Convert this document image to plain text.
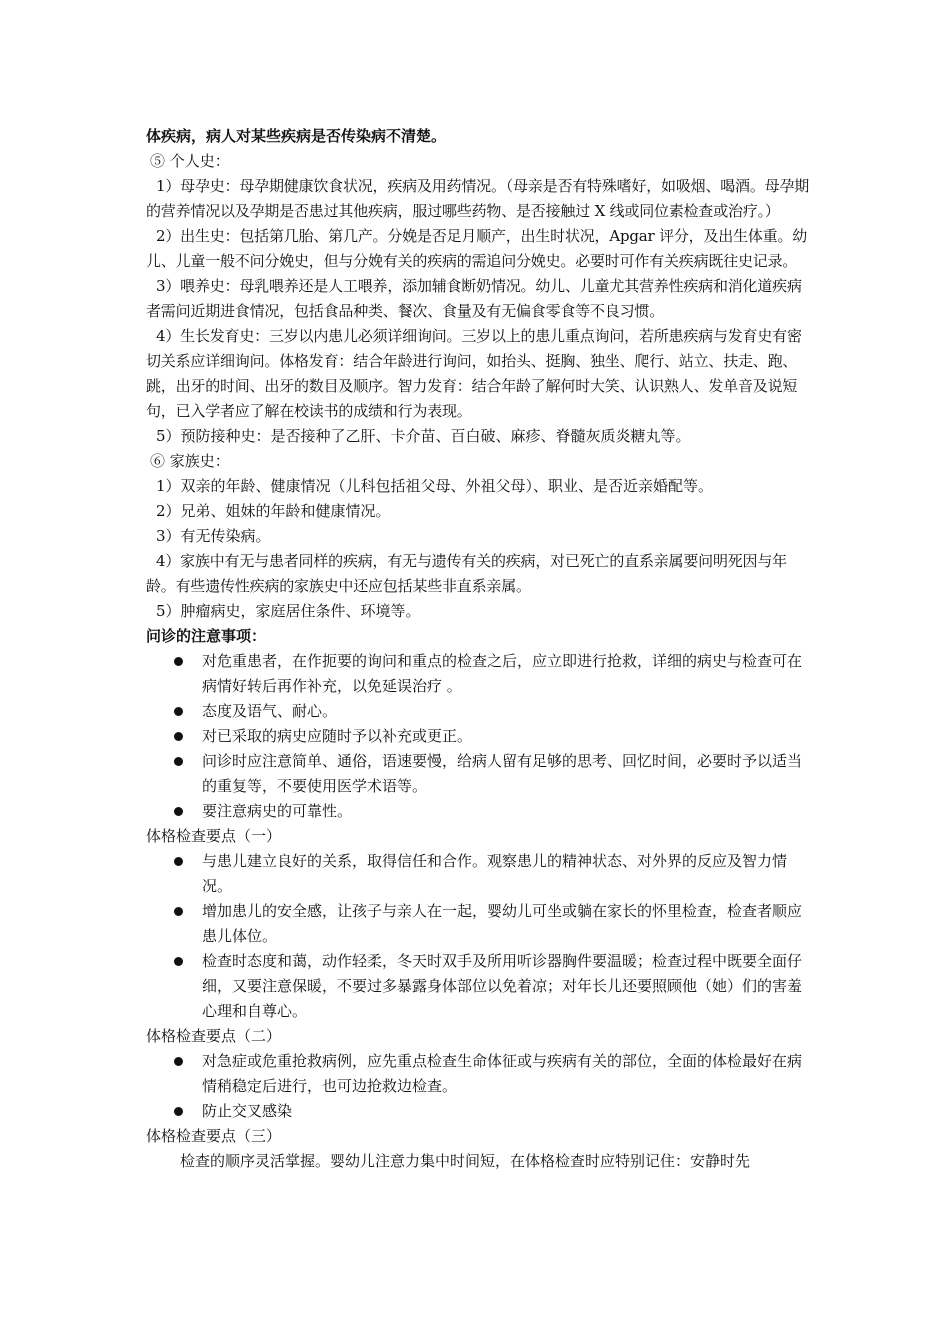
体疾病，病人对某些疾病是否传染病不清楚。

⑤ 个人史：

1）母孕史：母孕期健康饮食状况，疾病及用药情况。（母亲是否有特殊嗜好，如吸烟、喝酒。母孕期的营养情况以及孕期是否患过其他疾病，服过哪些药物、是否接触过 X 线或同位素检查或治疗。）

2）出生史：包括第几胎、第几产。分娩是否足月顺产，出生时状况，Apgar 评分，及出生体重。幼儿、儿童一般不问分娩史，但与分娩有关的疾病的需追问分娩史。必要时可作有关疾病既往史记录。

3）喂养史：母乳喂养还是人工喂养，添加辅食断奶情况。幼儿、儿童尤其营养性疾病和消化道疾病者需问近期进食情况，包括食品种类、餐次、食量及有无偏食零食等不良习惯。

4）生长发育史：三岁以内患儿必须详细询问。三岁以上的患儿重点询问，若所患疾病与发育史有密切关系应详细询问。体格发育：结合年龄进行询问，如抬头、挺胸、独坐、爬行、站立、扶走、跑、跳，出牙的时间、出牙的数目及顺序。智力发育：结合年龄了解何时大笑、认识熟人、发单音及说短句，已入学者应了解在校读书的成绩和行为表现。

5）预防接种史：是否接种了乙肝、卡介苗、百白破、麻疹、脊髓灰质炎糖丸等。

⑥ 家族史：

1）双亲的年龄、健康情况（儿科包括祖父母、外祖父母）、职业、是否近亲婚配等。

2）兄弟、姐妹的年龄和健康情况。

3）有无传染病。

4）家族中有无与患者同样的疾病，有无与遗传有关的疾病，对已死亡的直系亲属要问明死因与年龄。有些遗传性疾病的家族史中还应包括某些非直系亲属。

5）肿瘤病史，家庭居住条件、环境等。

问诊的注意事项：

对危重患者，在作扼要的询问和重点的检查之后，应立即进行抢救，详细的病史与检查可在病情好转后再作补充，以免延误治疗 。
态度及语气、耐心。
对已采取的病史应随时予以补充或更正。
问诊时应注意简单、通俗，语速要慢，给病人留有足够的思考、回忆时间，必要时予以适当的重复等，不要使用医学术语等。
要注意病史的可靠性。

体格检查要点（一）

与患儿建立良好的关系，取得信任和合作。观察患儿的精神状态、对外界的反应及智力情况。
增加患儿的安全感，让孩子与亲人在一起，婴幼儿可坐或躺在家长的怀里检查，检查者顺应患儿体位。
检查时态度和蔼，动作轻柔，冬天时双手及所用听诊器胸件要温暖；检查过程中既要全面仔细，又要注意保暖，不要过多暴露身体部位以免着凉；对年长儿还要照顾他（她）们的害羞心理和自尊心。

体格检查要点（二）

对急症或危重抢救病例，应先重点检查生命体征或与疾病有关的部位，全面的体检最好在病情稍稳定后进行，也可边抢救边检查。
防止交叉感染

体格检查要点（三）

检查的顺序灵活掌握。婴幼儿注意力集中时间短，在体格检查时应特别记住：安静时先
